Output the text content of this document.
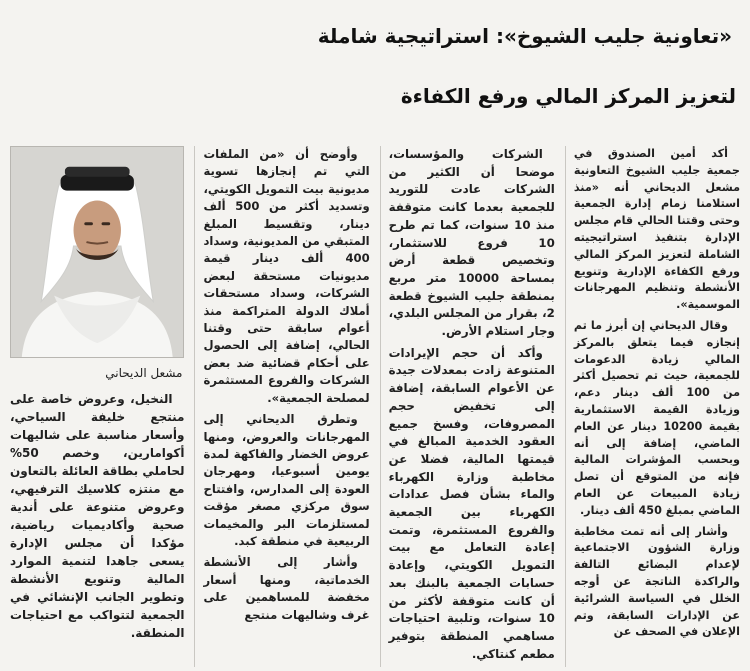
«تعاونية جليب الشيوخ»: استراتيجية شاملة
لتعزيز المركز المالي ورفع الكفاءة

أكد أمين الصندوق في جمعية جليب الشيوخ التعاونية مشعل الديحاني أنه «منذ استلامنا زمام إدارة الجمعية وحتى وقتنا الحالي قام مجلس الإدارة بتنفيذ استراتيجيته الشاملة لتعزيز المركز المالي ورفع الكفاءة الإدارية وتنويع الأنشطة وتنظيم المهرجانات الموسمية».

وقال الديحاني إن أبرز ما تم إنجازه فيما يتعلق بالمركز المالي زيادة الدعومات للجمعية، حيث تم تحصيل أكثر من 100 ألف دينار دعم، وزيادة القيمة الاستثمارية بقيمة 10200 دينار عن العام الماضي، إضافة إلى أنه وبحسب المؤشرات المالية فإنه من المتوقع أن تصل زيادة المبيعات عن العام الماضي بمبلغ 450 ألف دينار.

وأشار إلى أنه تمت مخاطبة وزارة الشؤون الاجتماعية لإعدام البضائع التالفة والراكدة الناتجة عن أوجه الخلل في السياسة الشرائية عن الإدارات السابقة، وتم الإعلان في الصحف عن

الشركات والمؤسسات، موضحا أن الكثير من الشركات عادت للتوريد للجمعية بعدما كانت متوقفة منذ 10 سنوات، كما تم طرح 10 فروع للاستثمار، وتخصيص قطعة أرض بمساحة 10000 متر مربع بمنطقة جليب الشيوخ قطعة 2، بقرار من المجلس البلدي، وجار استلام الأرض.

وأكد أن حجم الإيرادات المتنوعة زادت بمعدلات جيدة عن الأعوام السابقة، إضافة إلى تخفيض حجم المصروفات، وفسخ جميع العقود الخدمية المبالغ في قيمتها المالية، فضلا عن مخاطبة وزارة الكهرباء والماء بشأن فصل عدادات الكهرباء بين الجمعية والفروع المستثمرة، وتمت إعادة التعامل مع بيت التمويل الكويتي، وإعادة حسابات الجمعية بالبنك بعد أن كانت متوقفة لأكثر من 10 سنوات، وتلبية احتياجات مساهمي المنطقة بتوفير مطعم كنتاكي.

وأوضح أن «من الملفات التي تم إنجازها تسوية مديونية بيت التمويل الكويتي، وتسديد أكثر من 500 ألف دينار، وتقسيط المبلغ المتبقي من المديونية، وسداد 400 ألف دينار قيمة مديونيات مستحقة لبعض الشركات، وسداد مستحقات أملاك الدولة المتراكمة منذ أعوام سابقة حتى وقتنا الحالي، إضافة إلى الحصول على أحكام قضائية ضد بعض الشركات والفروع المستثمرة لمصلحة الجمعية».

وتطرق الديحاني إلى المهرجانات والعروض، ومنها عروض الخضار والفاكهة لمدة يومين أسبوعيا، ومهرجان العودة إلى المدارس، وافتتاح سوق مركزي مصغر مؤقت لمستلزمات البر والمخيمات الربيعية في منطقة كبد.

وأشار إلى الأنشطة الخدماتية، ومنها أسعار مخفضة للمساهمين على غرف وشاليهات منتجع

مشعل الديحاني

النخيل، وعروض خاصة على منتجع خليفة السياحي، وأسعار مناسبة على شاليهات أكوامارين، وخصم 50% لحاملي بطاقة العائلة بالتعاون مع منتزه كلاسيك الترفيهي، وعروض متنوعة على أندية صحية وأكاديميات رياضية، مؤكدا أن مجلس الإدارة يسعى جاهدا لتنمية الموارد المالية وتنويع الأنشطة وتطوير الجانب الإنشائي في الجمعية لتتواكب مع احتياجات المنطقة.
